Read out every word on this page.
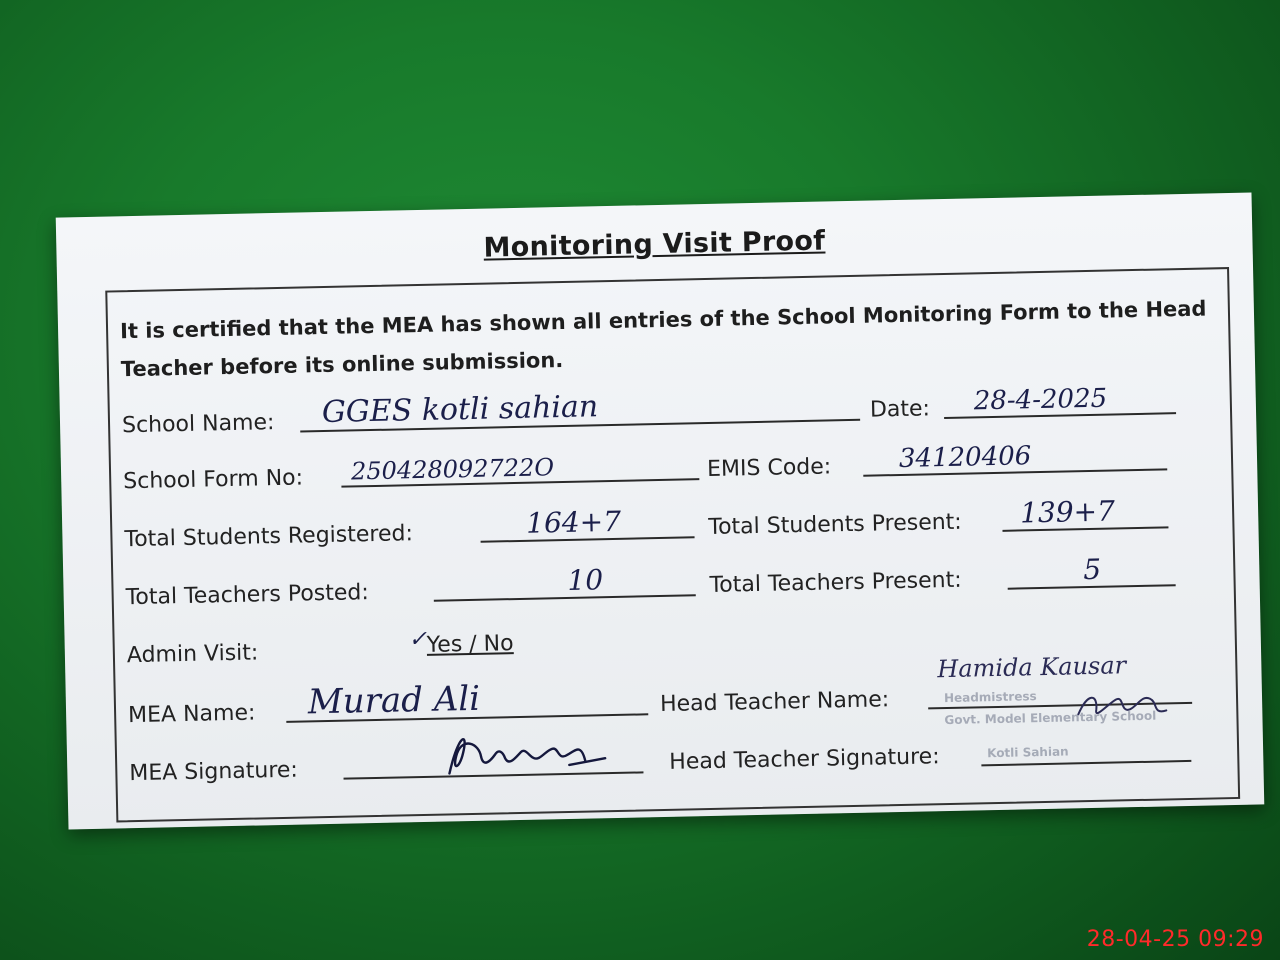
Monitoring Visit Proof
It is certified that the MEA has shown all entries of the School Monitoring Form to the Head Teacher before its online submission.
School Name: GGES kotli sahian	Date: 28-4-2025
School Form No: 250428092722O	EMIS Code:	34120406
Total Students Registered:	164+7	Total Students Present: 139+7
Total Teachers Posted:	10	Total Teachers Present:	5
Admin Visit:
✓ Yes / No
MEA Name: Murad Ali	Head Teacher Name:
Hamida Kausar
Headmistress
Govt. Model Elementary School
MEA Signature:	Head Teacher Signature:	Kotli Sahian
28-04-25 09:29
